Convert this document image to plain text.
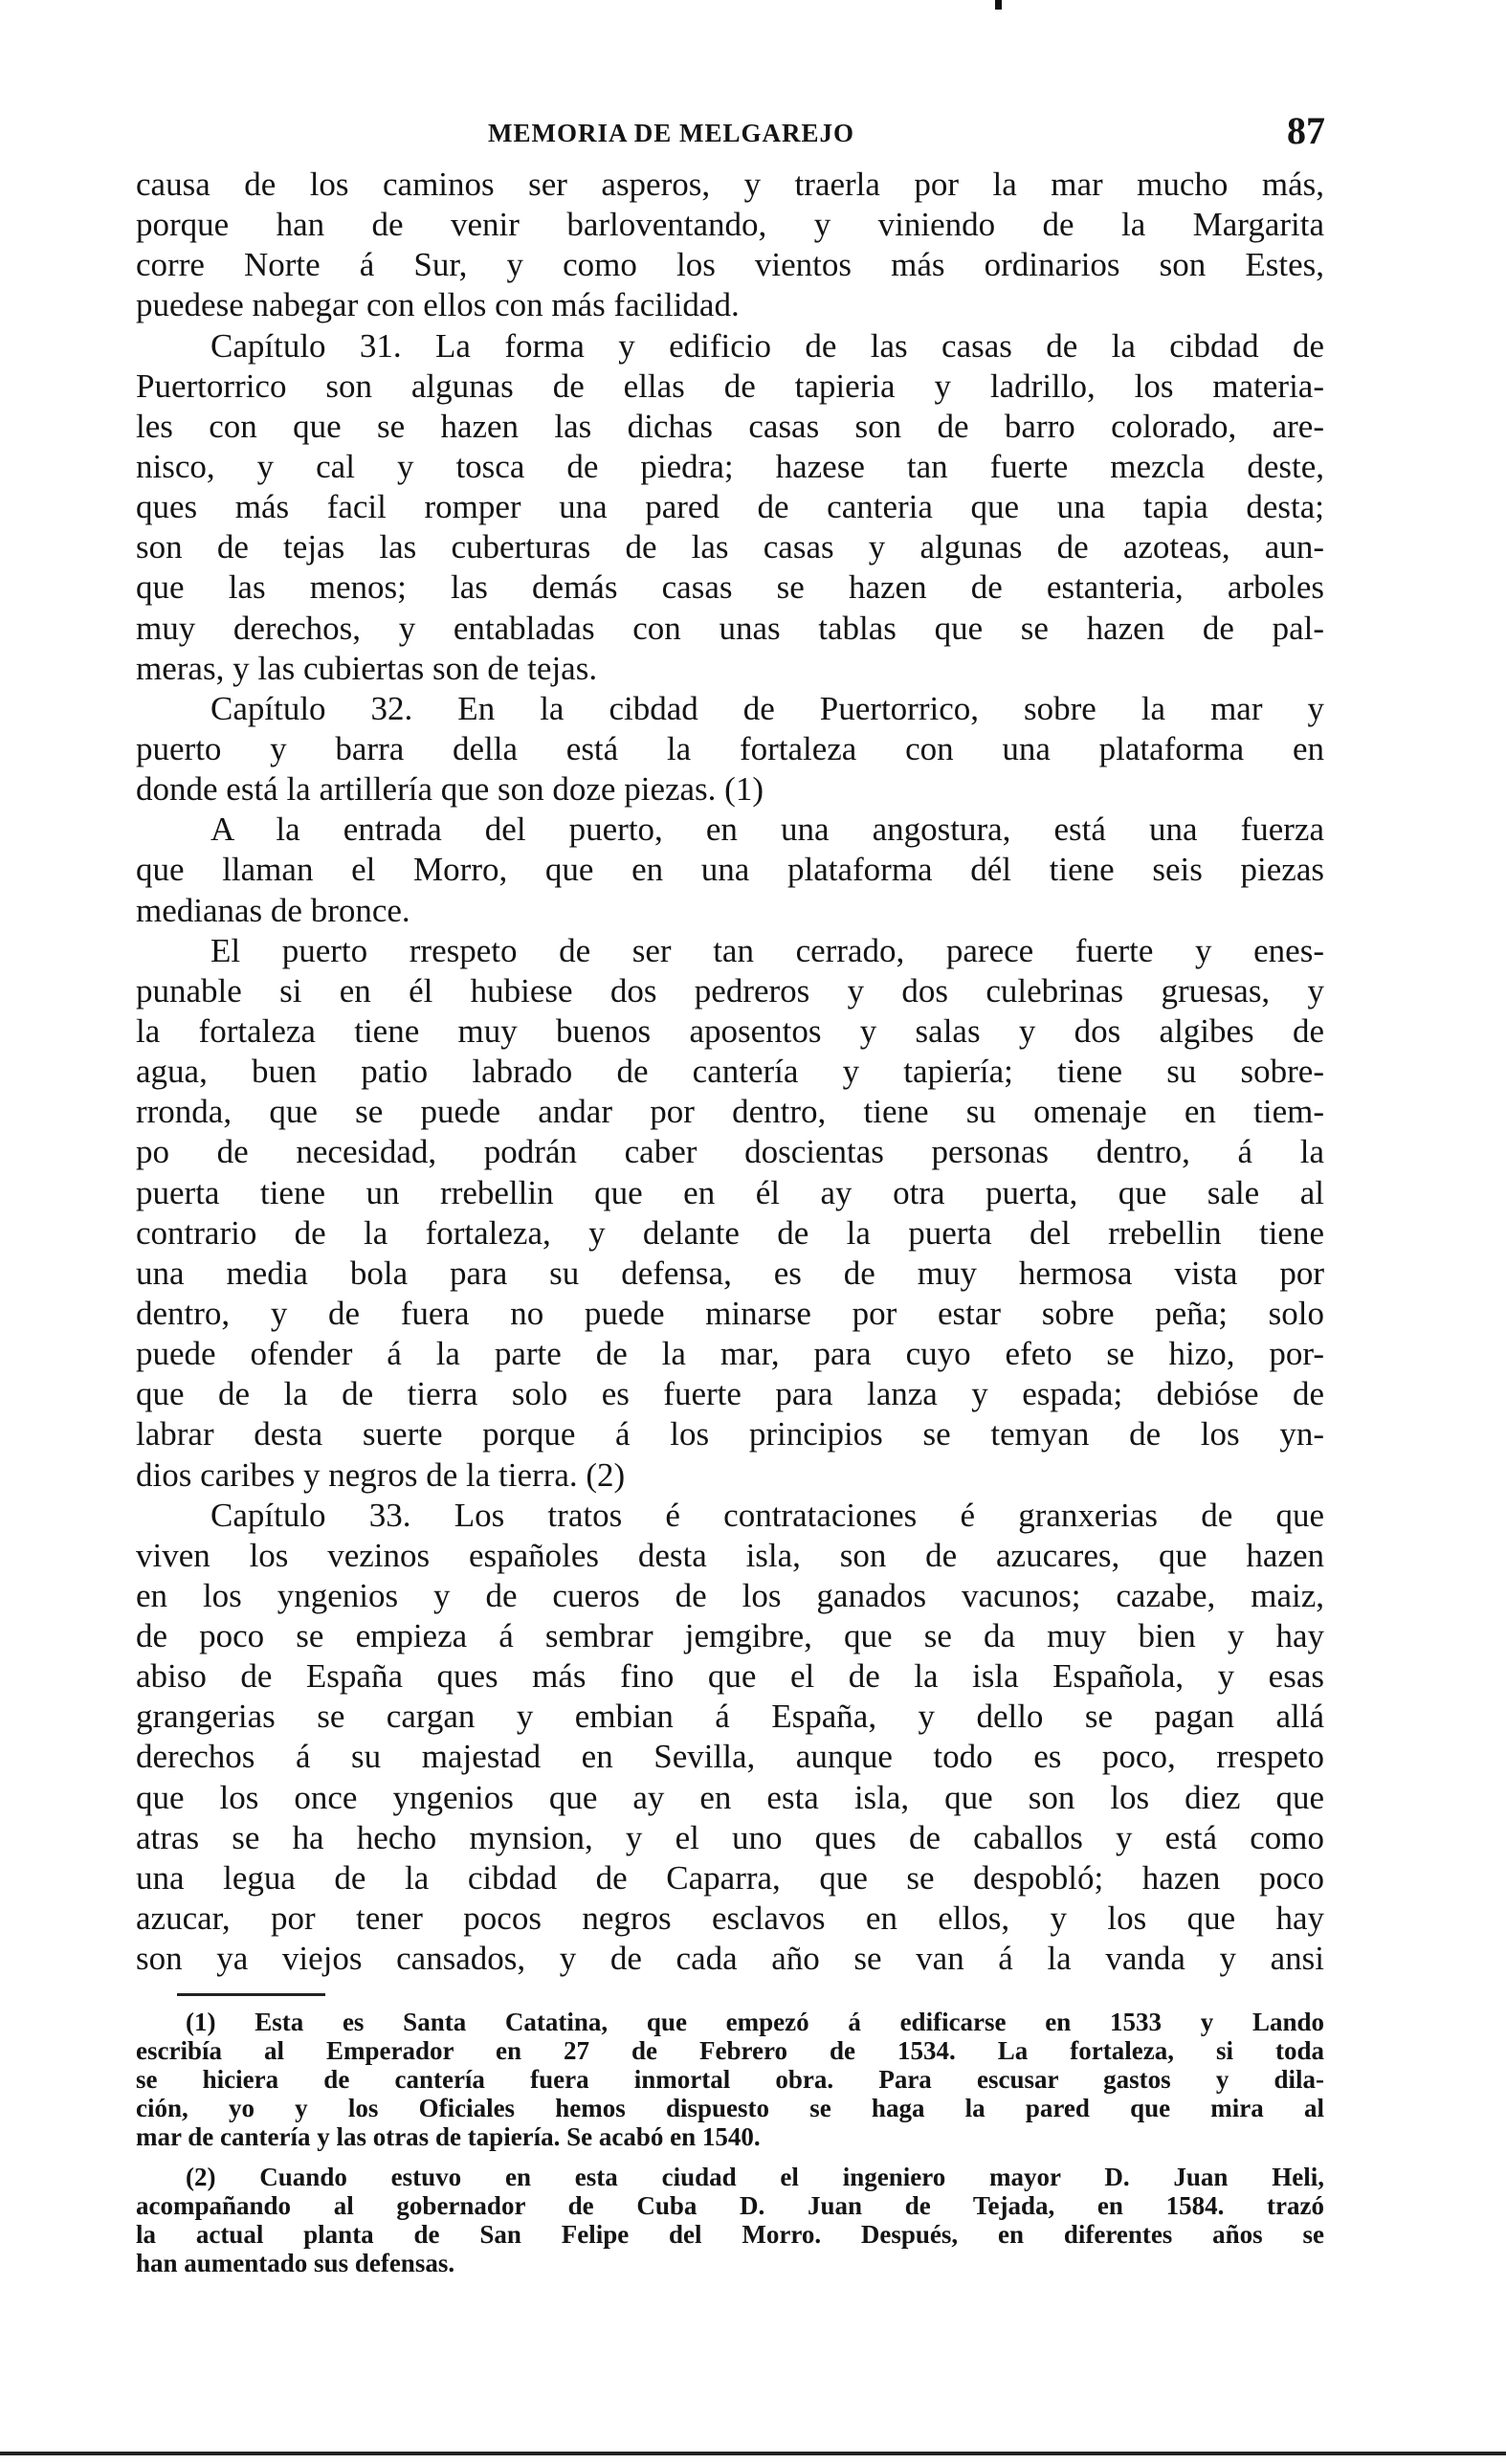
MEMORIA DE MELGAREJO	87
causa de los caminos ser asperos, y traerla por la mar mucho más,
porque han de venir barloventando, y viniendo de la Margarita
corre Norte á Sur, y como los vientos más ordinarios son Estes,
puedese nabegar con ellos con más facilidad.
Capítulo 31. La forma y edificio de las casas de la cibdad de
Puertorrico son algunas de ellas de tapieria y ladrillo, los materia-
les con que se hazen las dichas casas son de barro colorado, are-
nisco, y cal y tosca de piedra; hazese tan fuerte mezcla deste,
ques más facil romper una pared de canteria que una tapia desta;
son de tejas las cuberturas de las casas y algunas de azoteas, aun-
que las menos; las demás casas se hazen de estanteria, arboles
muy derechos, y entabladas con unas tablas que se hazen de pal-
meras, y las cubiertas son de tejas.
Capítulo 32. En la cibdad de Puertorrico, sobre la mar y
puerto y barra della está la fortaleza con una plataforma en
donde está la artillería que son doze piezas. (1)
A la entrada del puerto, en una angostura, está una fuerza
que llaman el Morro, que en una plataforma dél tiene seis piezas
medianas de bronce.
El puerto rrespeto de ser tan cerrado, parece fuerte y enes-
punable si en él hubiese dos pedreros y dos culebrinas gruesas, y
la fortaleza tiene muy buenos aposentos y salas y dos algibes de
agua, buen patio labrado de cantería y tapiería; tiene su sobre-
rronda, que se puede andar por dentro, tiene su omenaje en tiem-
po de necesidad, podrán caber doscientas personas dentro, á la
puerta tiene un rrebellin que en él ay otra puerta, que sale al
contrario de la fortaleza, y delante de la puerta del rrebellin tiene
una media bola para su defensa, es de muy hermosa vista por
dentro, y de fuera no puede minarse por estar sobre peña; solo
puede ofender á la parte de la mar, para cuyo efeto se hizo, por-
que de la de tierra solo es fuerte para lanza y espada; debióse de
labrar desta suerte porque á los principios se temyan de los yn-
dios caribes y negros de la tierra. (2)
Capítulo 33. Los tratos é contrataciones é granxerias de que
viven los vezinos españoles desta isla, son de azucares, que hazen
en los yngenios y de cueros de los ganados vacunos; cazabe, maiz,
de poco se empieza á sembrar jemgibre, que se da muy bien y hay
abiso de España ques más fino que el de la isla Española, y esas
grangerias se cargan y embian á España, y dello se pagan allá
derechos á su majestad en Sevilla, aunque todo es poco, rrespeto
que los once yngenios que ay en esta isla, que son los diez que
atras se ha hecho mynsion, y el uno ques de caballos y está como
una legua de la cibdad de Caparra, que se despobló; hazen poco
azucar, por tener pocos negros esclavos en ellos, y los que hay
son ya viejos cansados, y de cada año se van á la vanda y ansi
(1) Esta es Santa Catatina, que empezó á edificarse en 1533 y Lando
escribía al Emperador en 27 de Febrero de 1534. La fortaleza, si toda
se hiciera de cantería fuera inmortal obra. Para escusar gastos y dila-
ción, yo y los Oficiales hemos dispuesto se haga la pared que mira al
mar de cantería y las otras de tapiería. Se acabó en 1540.
(2) Cuando estuvo en esta ciudad el ingeniero mayor D. Juan Heli,
acompañando al gobernador de Cuba D. Juan de Tejada, en 1584. trazó
la actual planta de San Felipe del Morro. Después, en diferentes años se
han aumentado sus defensas.
